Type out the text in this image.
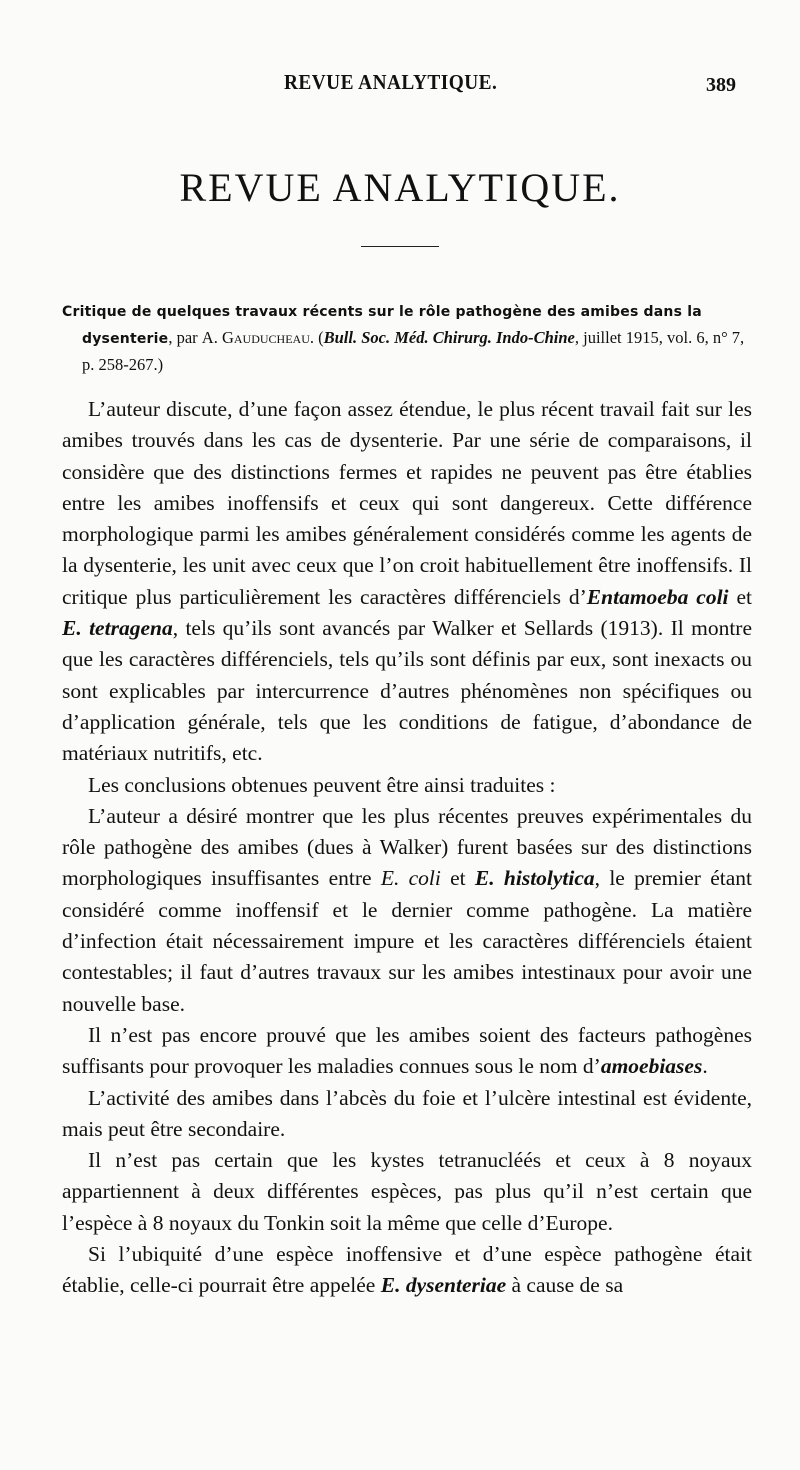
REVUE ANALYTIQUE.	389
REVUE ANALYTIQUE.
Critique de quelques travaux récents sur le rôle pathogène des amibes dans la dysenterie, par A. Gauducheau. (Bull. Soc. Méd. Chirurg. Indo-Chine, juillet 1915, vol. 6, n° 7, p. 258-267.)

L’auteur discute, d’une façon assez étendue, le plus récent travail fait sur les amibes trouvés dans les cas de dysenterie. Par une série de comparaisons, il considère que des distinctions fermes et rapides ne peuvent pas être établies entre les amibes inoffensifs et ceux qui sont dangereux. Cette différence morphologique parmi les amibes généralement considérés comme les agents de la dysenterie, les unit avec ceux que l’on croit habituellement être inoffensifs. Il critique plus particulièrement les caractères différenciels d’Entamoeba coli et E. tetragena, tels qu’ils sont avancés par Walker et Sellards (1913). Il montre que les caractères différenciels, tels qu’ils sont définis par eux, sont inexacts ou sont explicables par intercurrence d’autres phénomènes non spécifiques ou d’application générale, tels que les conditions de fatigue, d’abondance de matériaux nutritifs, etc.

Les conclusions obtenues peuvent être ainsi traduites :

L’auteur a désiré montrer que les plus récentes preuves expérimentales du rôle pathogène des amibes (dues à Walker) furent basées sur des distinctions morphologiques insuffisantes entre E. coli et E. histolytica, le premier étant considéré comme inoffensif et le dernier comme pathogène. La matière d’infection était nécessairement impure et les caractères différenciels étaient contestables; il faut d’autres travaux sur les amibes intestinaux pour avoir une nouvelle base.

Il n’est pas encore prouvé que les amibes soient des facteurs pathogènes suffisants pour provoquer les maladies connues sous le nom d’amoebiases.

L’activité des amibes dans l’abcès du foie et l’ulcère intestinal est évidente, mais peut être secondaire.

Il n’est pas certain que les kystes tetranucléés et ceux à 8 noyaux appartiennent à deux différentes espèces, pas plus qu’il n’est certain que l’espèce à 8 noyaux du Tonkin soit la même que celle d’Europe.

Si l’ubiquité d’une espèce inoffensive et d’une espèce pathogène était établie, celle-ci pourrait être appelée E. dysenteriae à cause de sa
